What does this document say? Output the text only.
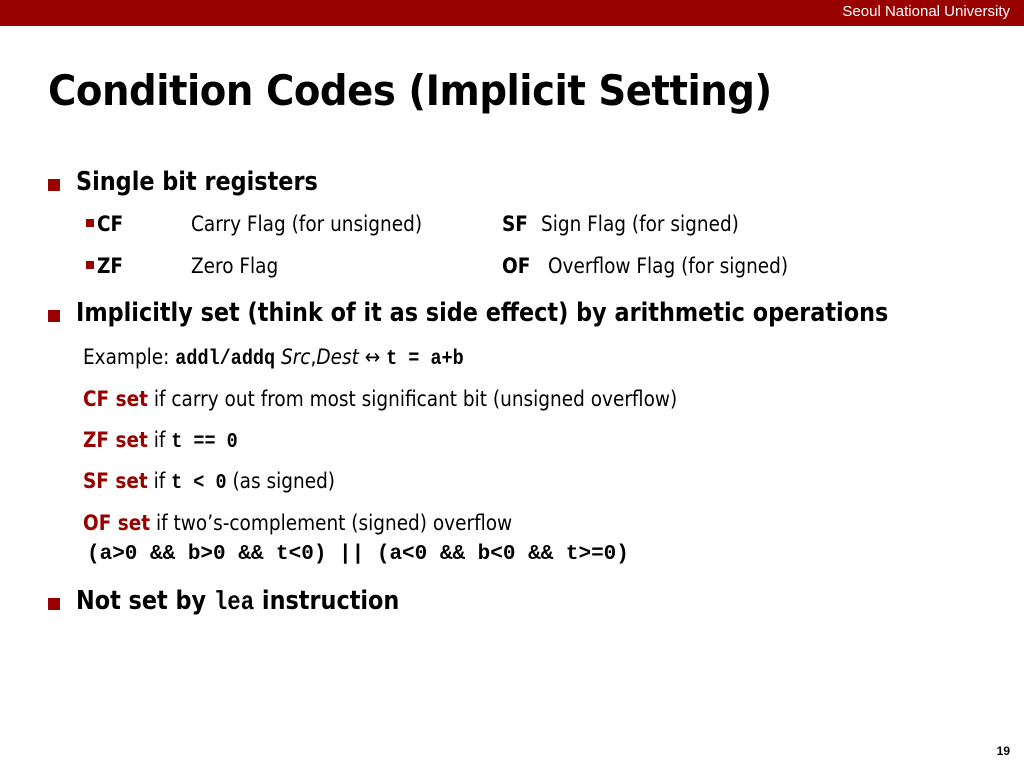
Seoul National University
Condition Codes (Implicit Setting)
Single bit registers
CF	Carry Flag (for unsigned)	SF Sign Flag (for signed)
ZF	Zero Flag	OF Overflow Flag (for signed)
Implicitly set (think of it as side effect) by arithmetic operations
Example: addl/addq Src,Dest ↔ t = a+b
CF set if carry out from most significant bit (unsigned overflow)
ZF set if t == 0
SF set if t < 0 (as signed)
OF set if two’s-complement (signed) overflow
(a>0 && b>0 && t<0) || (a<0 && b<0 && t>=0)
Not set by lea instruction
19
